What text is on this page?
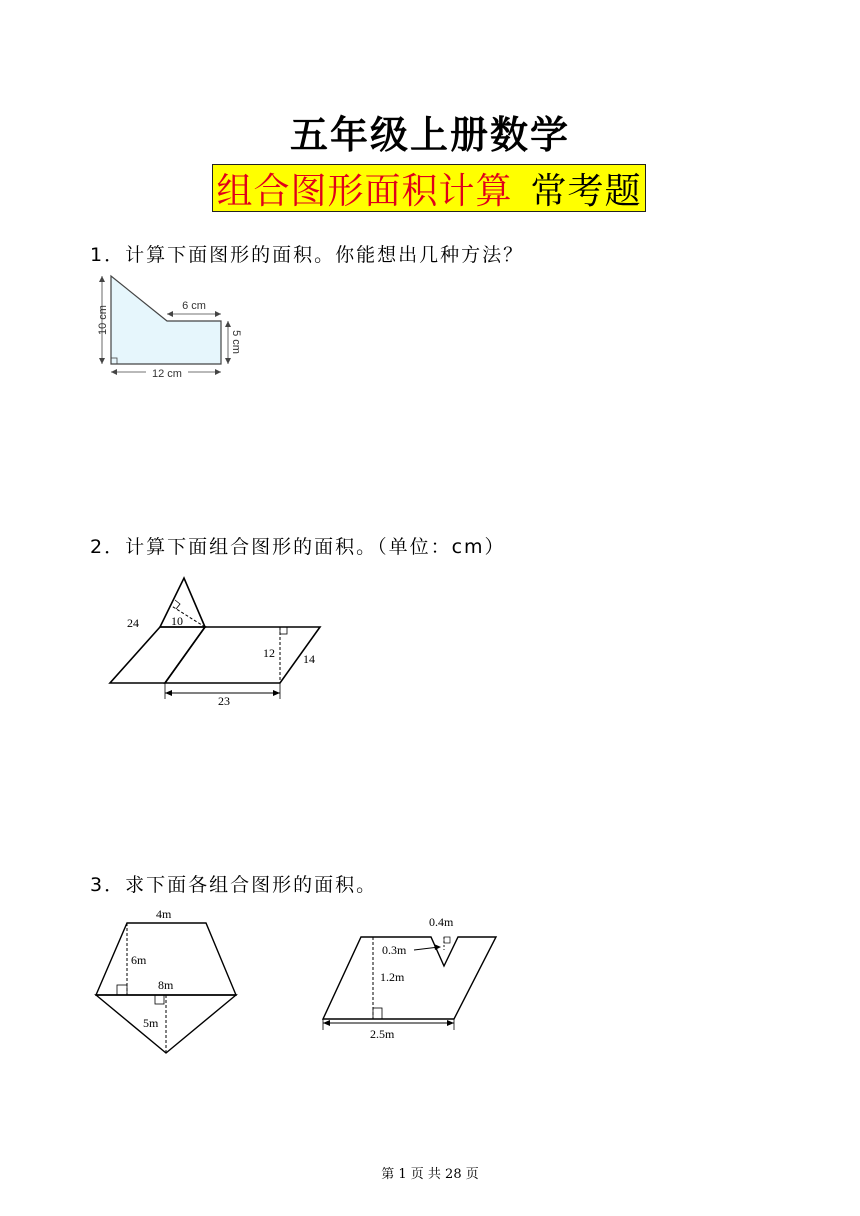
五年级上册数学
组合图形面积计算 常考题
1．计算下面图形的面积。你能想出几种方法？
10 cm	6 cm
5 cm
12 cm
2．计算下面组合图形的面积。（单位：cm）
24	10
12 14
23
3．求下面各组合图形的面积。
4m
6m
8m
5m
0.4m
0.3m
1.2m
2.5m
第 1 页 共 28 页
